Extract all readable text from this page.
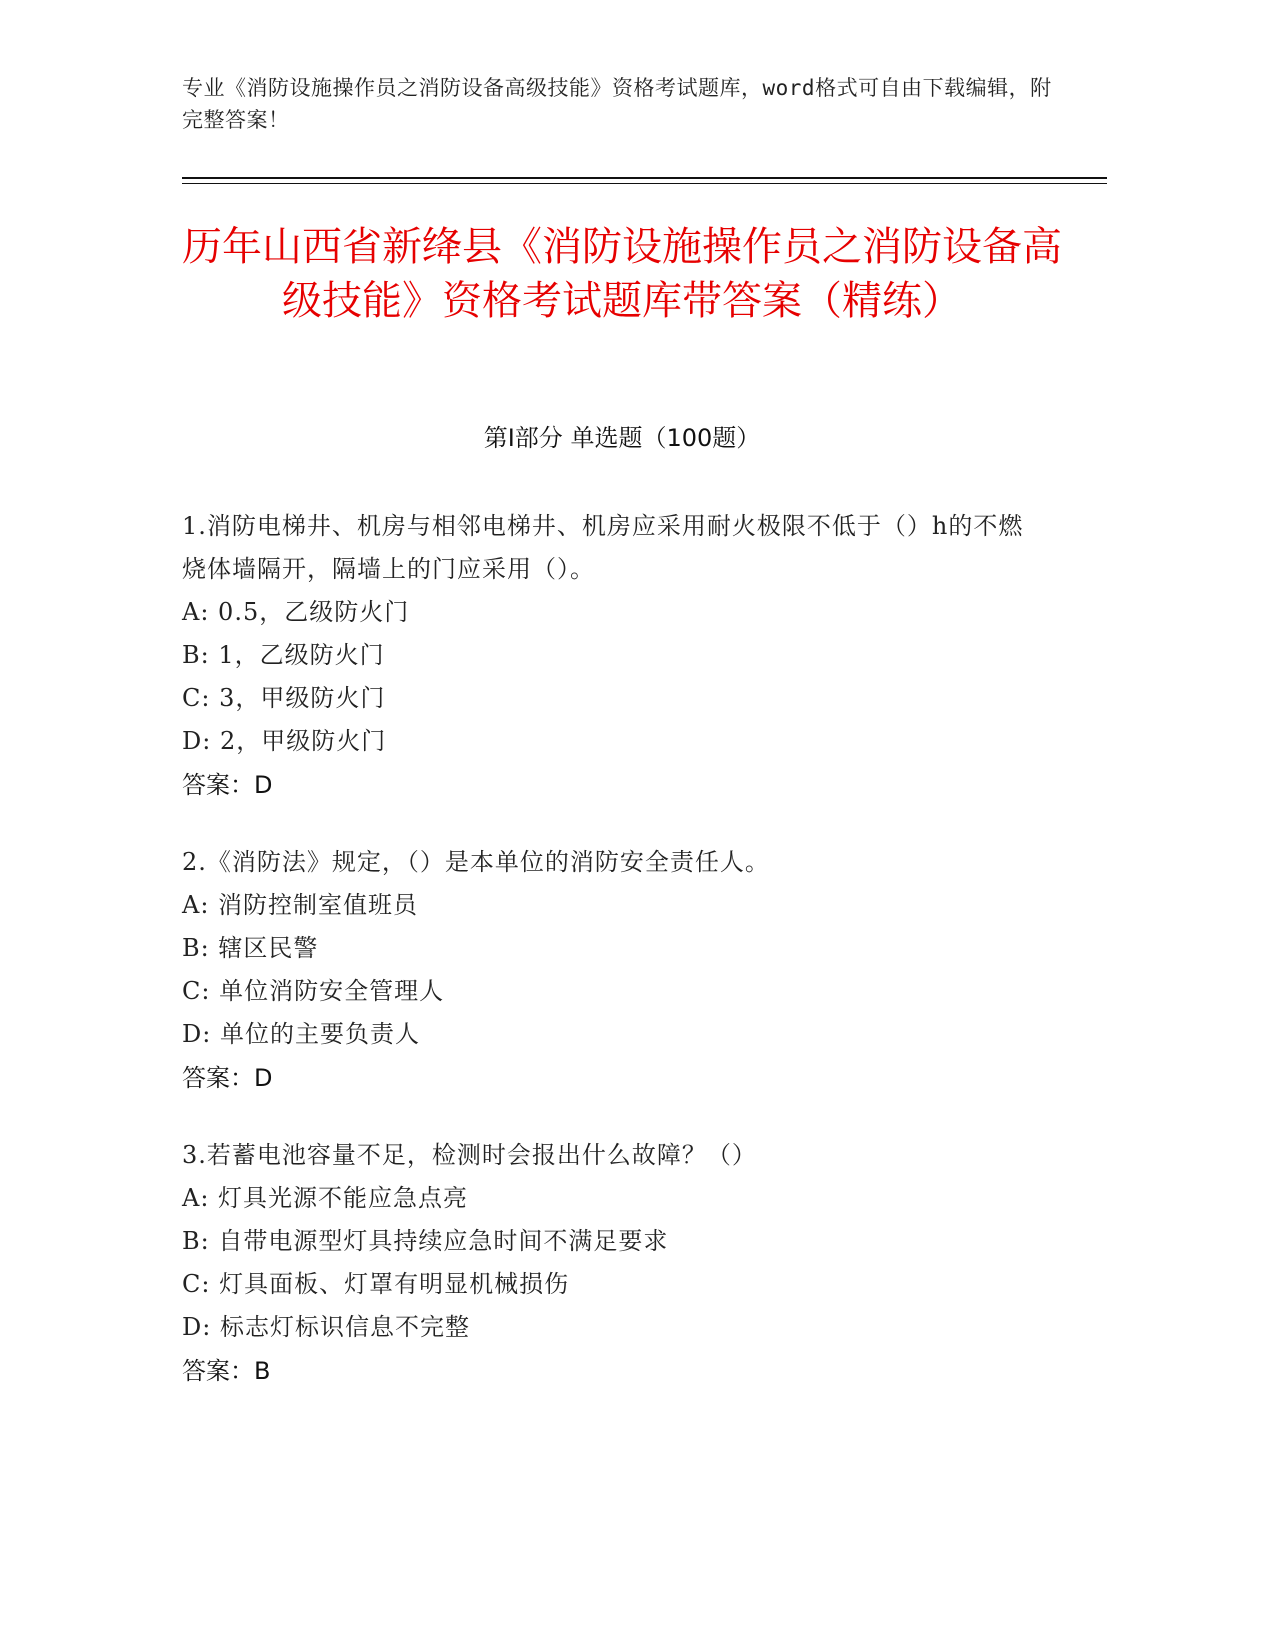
专业《消防设施操作员之消防设备高级技能》资格考试题库，word格式可自由下载编辑，附完整答案！
历年山西省新绛县《消防设施操作员之消防设备高级技能》资格考试题库带答案（精练）
第I部分 单选题（100题）

1.消防电梯井、机房与相邻电梯井、机房应采用耐火极限不低于（）h的不燃烧体墙隔开，隔墙上的门应采用（）。

A: 0.5，乙级防火门

B: 1，乙级防火门

C: 3，甲级防火门

D: 2，甲级防火门

答案：D

2.《消防法》规定，（）是本单位的消防安全责任人。

A: 消防控制室值班员

B: 辖区民警

C: 单位消防安全管理人

D: 单位的主要负责人

答案：D

3.若蓄电池容量不足，检测时会报出什么故障？（）

A: 灯具光源不能应急点亮

B: 自带电源型灯具持续应急时间不满足要求

C: 灯具面板、灯罩有明显机械损伤

D: 标志灯标识信息不完整

答案：B
